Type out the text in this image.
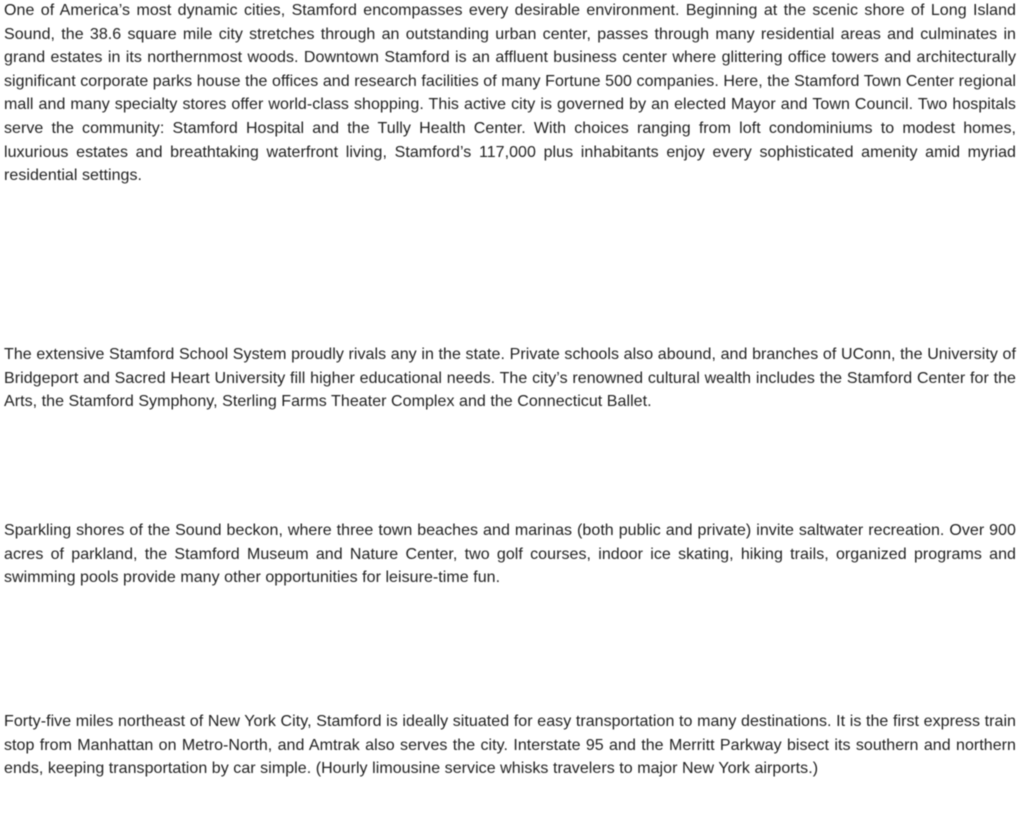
One of America’s most dynamic cities, Stamford encompasses every desirable environment. Beginning at the scenic shore of Long Island Sound, the 38.6 square mile city stretches through an outstanding urban center, passes through many residential areas and culminates in grand estates in its northernmost woods. Downtown Stamford is an affluent business center where glittering office towers and architecturally significant corporate parks house the offices and research facilities of many Fortune 500 companies. Here, the Stamford Town Center regional mall and many specialty stores offer world-class shopping. This active city is governed by an elected Mayor and Town Council. Two hospitals serve the community: Stamford Hospital and the Tully Health Center. With choices ranging from loft condominiums to modest homes, luxurious estates and breathtaking waterfront living, Stamford’s 117,000 plus inhabitants enjoy every sophisticated amenity amid myriad residential settings.

The extensive Stamford School System proudly rivals any in the state. Private schools also abound, and branches of UConn, the University of Bridgeport and Sacred Heart University fill higher educational needs. The city’s renowned cultural wealth includes the Stamford Center for the Arts, the Stamford Symphony, Sterling Farms Theater Complex and the Connecticut Ballet.

Sparkling shores of the Sound beckon, where three town beaches and marinas (both public and private) invite saltwater recreation. Over 900 acres of parkland, the Stamford Museum and Nature Center, two golf courses, indoor ice skating, hiking trails, organized programs and swimming pools provide many other opportunities for leisure-time fun.

Forty-five miles northeast of New York City, Stamford is ideally situated for easy transportation to many destinations. It is the first express train stop from Manhattan on Metro-North, and Amtrak also serves the city. Interstate 95 and the Merritt Parkway bisect its southern and northern ends, keeping transportation by car simple. (Hourly limousine service whisks travelers to major New York airports.)
